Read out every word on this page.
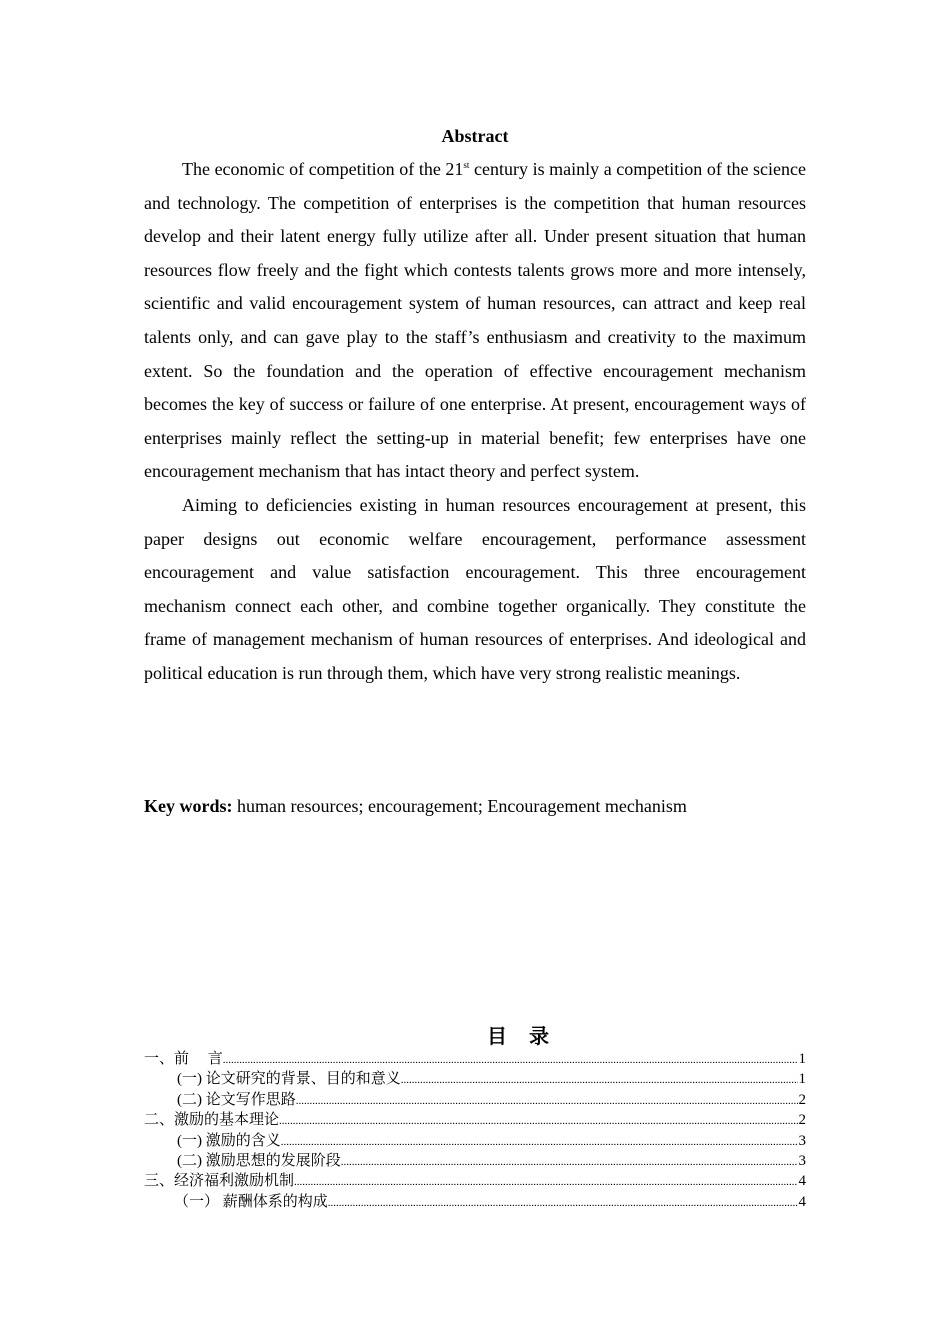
Abstract

The economic of competition of the 21st century is mainly a competition of the science and technology. The competition of enterprises is the competition that human resources develop and their latent energy fully utilize after all. Under present situation that human resources flow freely and the fight which contests talents grows more and more intensely, scientific and valid encouragement system of human resources, can attract and keep real talents only, and can gave play to the staff’s enthusiasm and creativity to the maximum extent. So the foundation and the operation of effective encouragement mechanism becomes the key of success or failure of one enterprise. At present, encouragement ways of enterprises mainly reflect the setting-up in material benefit; few enterprises have one encouragement mechanism that has intact theory and perfect system.

Aiming to deficiencies existing in human resources encouragement at present, this paper designs out economic welfare encouragement, performance assessment encouragement and value satisfaction encouragement. This three encouragement mechanism connect each other, and combine together organically. They constitute the frame of management mechanism of human resources of enterprises. And ideological and political education is run through them, which have very strong realistic meanings.

Key words: human resources; encouragement; Encouragement mechanism
目 录
一、前　 言 .....	1
(一) 论文研究的背景、目的和意义 .....	1
(二) 论文写作思路 .....	2
二、激励的基本理论 .....	2
(一) 激励的含义 .....	3
(二) 激励思想的发展阶段 .....	3
三、经济福利激励机制 .....	4
（一） 薪酬体系的构成 .....	4
